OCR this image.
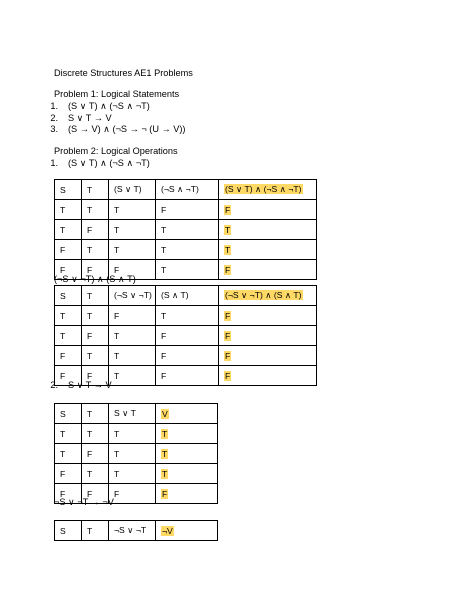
Discrete Structures AE1 Problems
Problem 1: Logical Statements
1. (S ∨ T) ∧ (¬S ∧ ¬T)
2. S ∨ T → V
3. (S → V) ∧ (¬S → ¬ (U → V))
Problem 2: Logical Operations
1. (S ∨ T) ∧ (¬S ∧ ¬T)
S	T	(S ∨ T)	(¬S ∧ ¬T)	(S ∨ T) ∧ (¬S ∧ ¬T)
T	T	T	F	F
T	F	T	T	T
F	T	T	T	T
F	F	F	T	F
(¬S ∨ ¬T) ∧ (S ∧ T)
S	T	(¬S ∨ ¬T)	(S ∧ T)	(¬S ∨ ¬T) ∧ (S ∧ T)
T	T	F	T	F
T	F	T	F	F
F	T	T	F	F
F	F	T	F	F
2. S ∨ T → V
S	T	S ∨ T	V
T	T	T	T
T	F	T	T
F	T	T	T
F	F	F	F
¬S ∨ ¬T → ¬V
S	T	¬S ∨ ¬T	¬V
